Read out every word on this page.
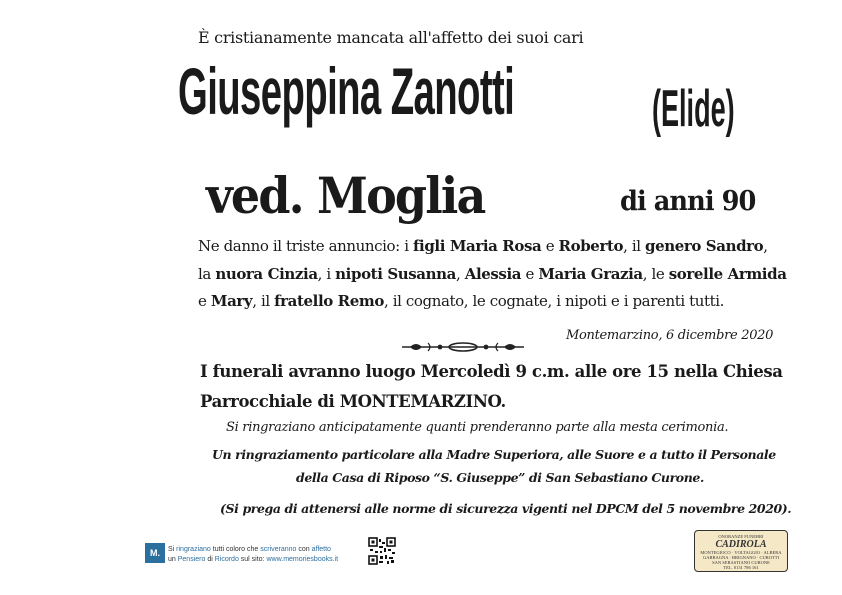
È cristianamente mancata all'affetto dei suoi cari
Giuseppina Zanotti	(Elide)
ved. Moglia	di anni 90
Ne danno il triste annuncio: i figli Maria Rosa e Roberto, il genero Sandro,
la nuora Cinzia, i nipoti Susanna, Alessia e Maria Grazia, le sorelle Armida
e Mary, il fratello Remo, il cognato, le cognate, i nipoti e i parenti tutti.
Montemarzino, 6 dicembre 2020
I funerali avranno luogo Mercoledì 9 c.m. alle ore 15 nella Chiesa
Parrocchiale di MONTEMARZINO.
Si ringraziano anticipatamente quanti prenderanno parte alla mesta cerimonia.
Un ringraziamento particolare alla Madre Superiora, alle Suore e a tutto il Personale
della Casa di Riposo “S. Giuseppe” di San Sebastiano Curone.
(Si prega di attenersi alle norme di sicurezza vigenti nel DPCM del 5 novembre 2020).
M.	Si ringraziano tutti coloro che scriveranno con affetto
un Pensiero di Ricordo sul sito: www.memoriesbooks.it
ONORANZE FUNEBRI
CADIROLA
MONTEGIOCO · VOLTAGGIO · ALBERA
GARBAGNA · BRIGNANO · CUROTTI
SAN SEBASTIANO CURONE
TEL. 0131 786 161
